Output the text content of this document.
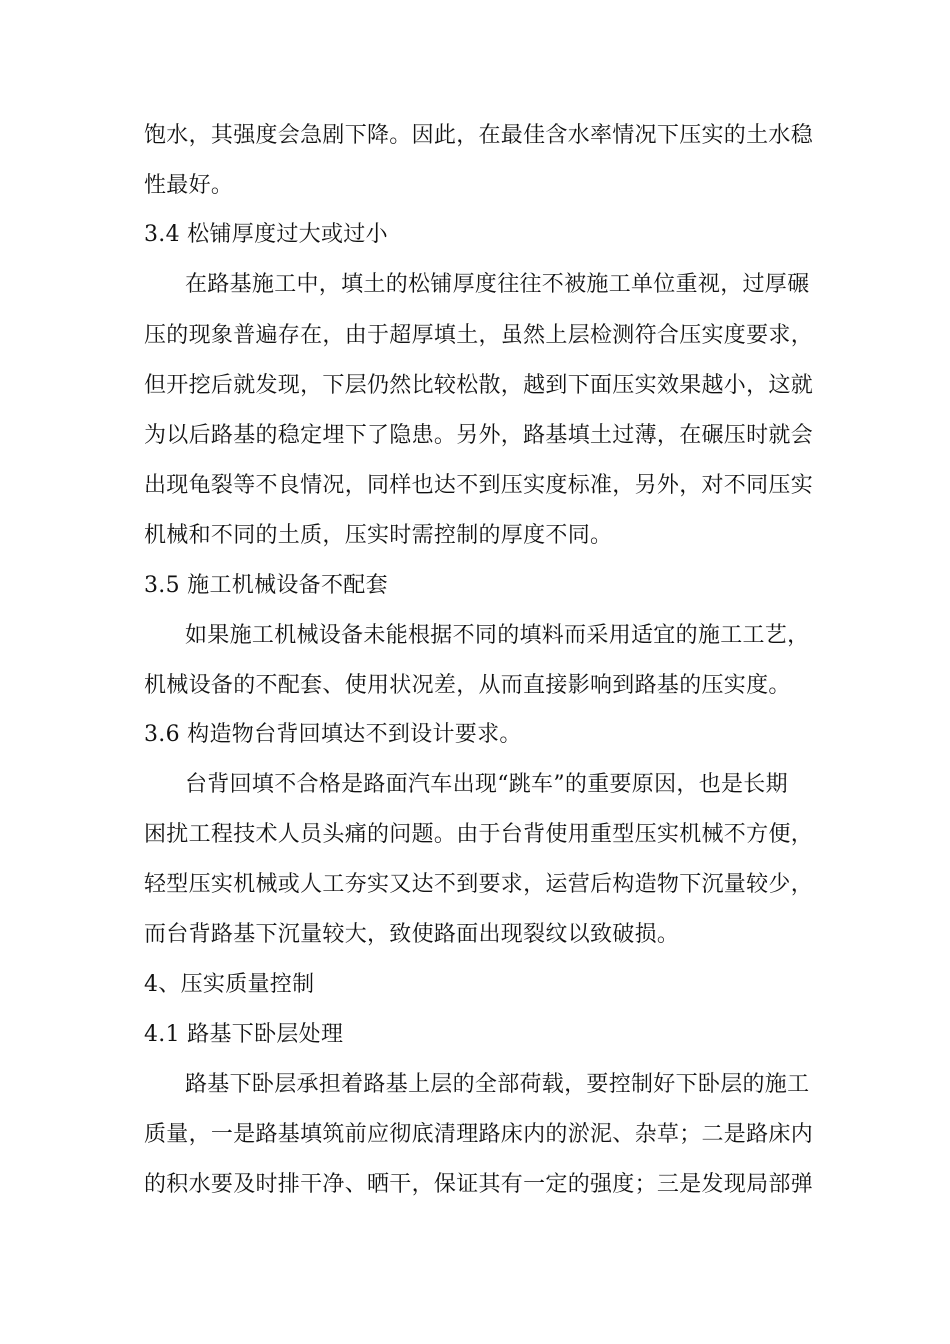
饱水，其强度会急剧下降。因此，在最佳含水率情况下压实的土水稳
性最好。
3.4 松铺厚度过大或过小
在路基施工中，填土的松铺厚度往往不被施工单位重视，过厚碾
压的现象普遍存在，由于超厚填土，虽然上层检测符合压实度要求，
但开挖后就发现，下层仍然比较松散，越到下面压实效果越小，这就
为以后路基的稳定埋下了隐患。另外，路基填土过薄，在碾压时就会
出现龟裂等不良情况，同样也达不到压实度标准，另外，对不同压实
机械和不同的土质，压实时需控制的厚度不同。
3.5 施工机械设备不配套
如果施工机械设备未能根据不同的填料而采用适宜的施工工艺，
机械设备的不配套、使用状况差，从而直接影响到路基的压实度。
3.6 构造物台背回填达不到设计要求。
台背回填不合格是路面汽车出现“跳车”的重要原因，也是长期
困扰工程技术人员头痛的问题。由于台背使用重型压实机械不方便，
轻型压实机械或人工夯实又达不到要求，运营后构造物下沉量较少，
而台背路基下沉量较大，致使路面出现裂纹以致破损。
4、压实质量控制
4.1 路基下卧层处理
路基下卧层承担着路基上层的全部荷载，要控制好下卧层的施工
质量，一是路基填筑前应彻底清理路床内的淤泥、杂草；二是路床内
的积水要及时排干净、晒干，保证其有一定的强度；三是发现局部弹
